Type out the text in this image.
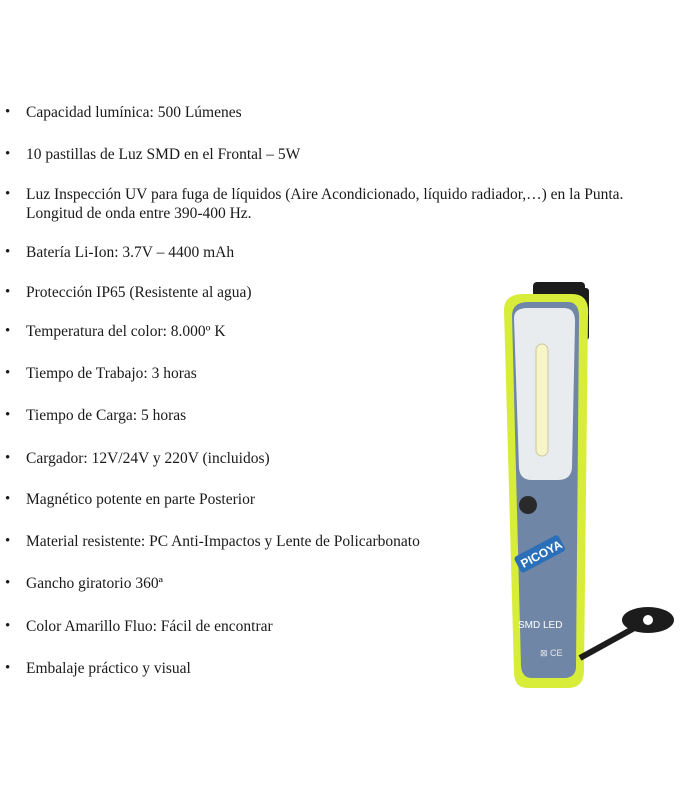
• Capacidad lumínica: 500 Lúmenes
• 10 pastillas de Luz SMD en el Frontal – 5W
• Luz Inspección UV para fuga de líquidos (Aire Acondicionado, líquido radiador,…) en la Punta. Longitud de onda entre 390-400 Hz.
• Batería Li-Ion: 3.7V – 4400 mAh
• Protección IP65 (Resistente al agua)
• Temperatura del color: 8.000º K
• Tiempo de Trabajo: 3 horas
• Tiempo de Carga: 5 horas
• Cargador: 12V/24V y 220V (incluidos)
• Magnético potente en parte Posterior
• Material resistente: PC Anti-Impactos y Lente de Policarbonato
• Gancho giratorio 360ª
• Color Amarillo Fluo: Fácil de encontrar
• Embalaje práctico y visual
PICOYA
SMD LED
⊠ CE
